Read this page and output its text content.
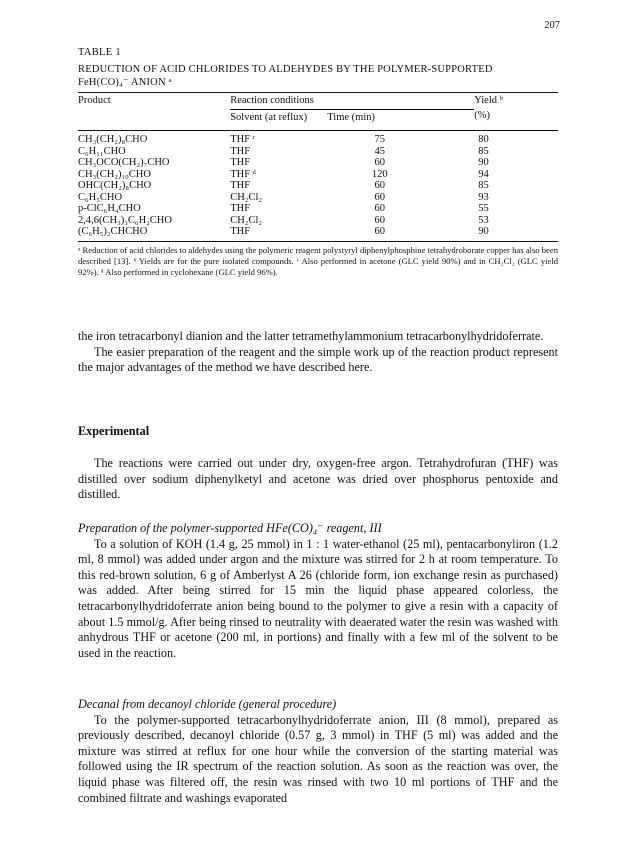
207
TABLE 1
REDUCTION OF ACID CHLORIDES TO ALDEHYDES BY THE POLYMER-SUPPORTED
FeH(CO)₄⁻ ANION ᵃ
Product	Reaction conditions		Yield ᵇ
	Solvent (at reflux)	Time (min)	(%)

CH₃(CH₂)₈CHO	THF ᶜ	75	80
C₆H₁₁CHO	THF	45	85
CH₃OCO(CH₂)₇CHO	THF	60	90
CH₃(CH₂)₁₀CHO	THF ᵈ	120	94
OHC(CH₂)₈CHO	THF	60	85
C₆H₅CHO	CH₂Cl₂	60	93
p-ClC₆H₄CHO	THF	60	55
2,4,6(CH₃)₃C₆H₂CHO	CH₂Cl₂	60	53
(C₆H₅)₂CHCHO	THF	60	90
ᵃ Reduction of acid chlorides to aldehydes using the polymeric reagent polystyryl diphenylphosphine tetrahydroborate copper has also been described [13]. ᵇ Yields are for the pure isolated compounds. ᶜ Also performed in acetone (GLC yield 90%) and in CH₂Cl₂ (GLC yield 92%). ᵈ Also performed in cyclohexane (GLC yield 96%).

the iron tetracarbonyl dianion and the latter tetramethylammonium tetracarbonylhydridoferrate.

The easier preparation of the reagent and the simple work up of the reaction product represent the major advantages of the method we have described here.

Experimental

The reactions were carried out under dry, oxygen-free argon. Tetrahydrofuran (THF) was distilled over sodium diphenylketyl and acetone was dried over phosphorus pentoxide and distilled.

Preparation of the polymer-supported HFe(CO)₄⁻ reagent, III

To a solution of KOH (1.4 g, 25 mmol) in 1 : 1 water-ethanol (25 ml), pentacarbonyliron (1.2 ml, 8 mmol) was added under argon and the mixture was stirred for 2 h at room temperature. To this red-brown solution, 6 g of Amberlyst A 26 (chloride form, ion exchange resin as purchased) was added. After being stirred for 15 min the liquid phase appeared colorless, the tetracarbonylhydridoferrate anion being bound to the polymer to give a resin with a capacity of about 1.5 mmol/g. After being rinsed to neutrality with deaerated water the resin was washed with anhydrous THF or acetone (200 ml, in portions) and finally with a few ml of the solvent to be used in the reaction.

Decanal from decanoyl chloride (general procedure)

To the polymer-supported tetracarbonylhydridoferrate anion, III (8 mmol), prepared as previously described, decanoyl chloride (0.57 g, 3 mmol) in THF (5 ml) was added and the mixture was stirred at reflux for one hour while the conversion of the starting material was followed using the IR spectrum of the reaction solution. As soon as the reaction was over, the liquid phase was filtered off, the resin was rinsed with two 10 ml portions of THF and the combined filtrate and washings evaporated
